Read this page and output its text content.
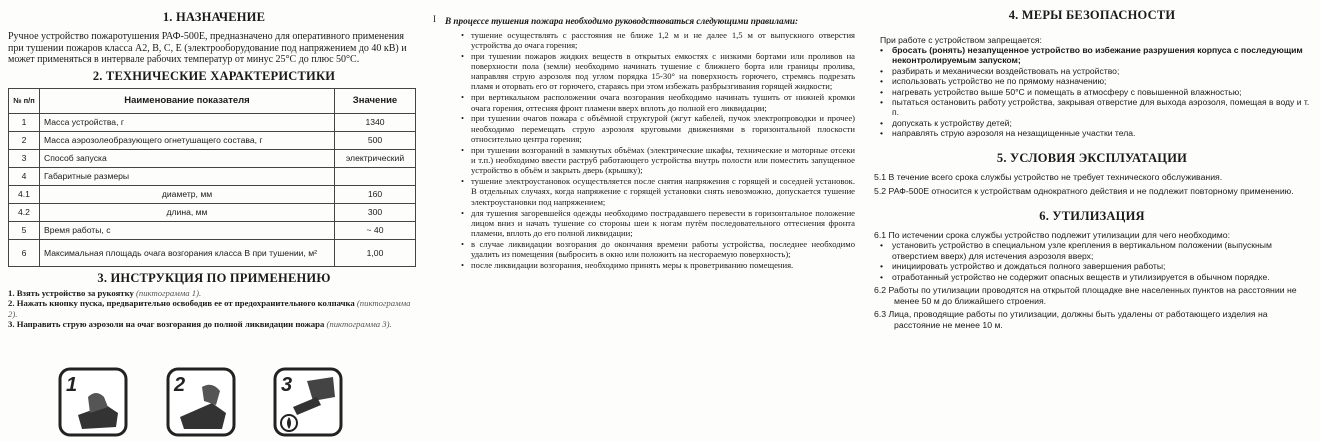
1. НАЗНАЧЕНИЕ

Ручное устройство пожаротушения РАФ-500Е, предназначено для оперативного применения при тушении пожаров класса А2, В, С, Е (электрооборудование под напряжением до 40 кВ) и может применяться в интервале рабочих температур от минус 25°С до плюс 50°С.

2. ТЕХНИЧЕСКИЕ ХАРАКТЕРИСТИКИ
№ п/п	Наименование показателя	Значение
1	Масса устройства, г	1340
2	Масса аэрозолеобразующего огнетушащего состава, г	500
3	Способ запуска	электрический
4	Габаритные размеры	
4.1	диаметр, мм	160
4.2	длина, мм	300
5	Время работы, с	~ 40
6	Максимальная площадь очага возгорания класса В при тушении, м²	1,00
3. ИНСТРУКЦИЯ ПО ПРИМЕНЕНИЮ

1. Взять устройство за рукоятку (пиктограмма 1).

2. Нажать кнопку пуска, предварительно освободив ее от предохранительного колпачка (пиктограмма 2).

3. Направить струю аэрозоли на очаг возгорания до полной ликвидации пожара (пиктограмма 3).

1	2	3
I В процессе тушения пожара необходимо руководствоваться следующими правилами:

• тушение осуществлять с расстояния не ближе 1,2 м и не далее 1,5 м от выпускного отверстия устройства до очага горения;
• при тушении пожаров жидких веществ в открытых емкостях с низкими бортами или проливов на поверхности пола (земли) необходимо начинать тушение с ближнего борта или границы пролива, направляя струю аэрозоля под углом порядка 15-30° на поверхность горючего, стремясь подрезать пламя и оторвать его от горючего, стараясь при этом избежать разбрызгивания горящей жидкости;
• при вертикальном расположении очага возгорания необходимо начинать тушить от нижней кромки очага горения, оттесняя фронт пламени вверх вплоть до полной его ликвидации;
• при тушении очагов пожара с объёмной структурой (жгут кабелей, пучок электропроводки и прочее) необходимо перемещать струю аэрозоля круговыми движениями в горизонтальной плоскости относительно центра горения;
• при тушении возгораний в замкнутых объёмах (электрические шкафы, технические и моторные отсеки и т.п.) необходимо ввести раструб работающего устройства внутрь полости или поместить запущенное устройство в объём и закрыть дверь (крышку);
• тушение электроустановок осуществляется после снятия напряжения с горящей и соседней установок. В отдельных случаях, когда напряжение с горящей установки снять невозможно, допускается тушение электроустановки под напряжением;
• для тушения загоревшейся одежды необходимо пострадавшего перевести в горизонтальное положение лицом вниз и начать тушение со стороны шеи к ногам путём последовательного оттеснения фронта пламени, вплоть до его полной ликвидации;
• в случае ликвидации возгорания до окончания времени работы устройства, последнее необходимо удалить из помещения (выбросить в окно или положить на несгораемую поверхность);
• после ликвидации возгорания, необходимо принять меры к проветриванию помещения.
4. МЕРЫ БЕЗОПАСНОСТИ

При работе с устройством запрещается:

• бросать (ронять) незапущенное устройство во избежание разрушения корпуса с последующим неконтролируемым запуском;
• разбирать и механически воздействовать на устройство;
• использовать устройство не по прямому назначению;
• нагревать устройство выше 50°С и помещать в атмосферу с повышенной влажностью;
• пытаться остановить работу устройства, закрывая отверстие для выхода аэрозоля, помещая в воду и т. п.
• допускать к устройству детей;
• направлять струю аэрозоля на незащищенные участки тела.
5. УСЛОВИЯ ЭКСПЛУАТАЦИИ

5.1 В течение всего срока службы устройство не требует технического обслуживания.

5.2 РАФ-500Е относится к устройствам однократного действия и не подлежит повторному применению.

6. УТИЛИЗАЦИЯ

6.1 По истечении срока службы устройство подлежит утилизации для чего необходимо:

• установить устройство в специальном узле крепления в вертикальном положении (выпускным отверстием вверх) для истечения аэрозоля вверх;
• инициировать устройство и дождаться полного завершения работы;
• отработанный устройство не содержит опасных веществ и утилизируется в обычном порядке.

6.2 Работы по утилизации проводятся на открытой площадке вне населенных пунктов на расстоянии не менее 50 м до ближайшего строения.

6.3 Лица, проводящие работы по утилизации, должны быть удалены от работающего изделия на расстояние не менее 10 м.
